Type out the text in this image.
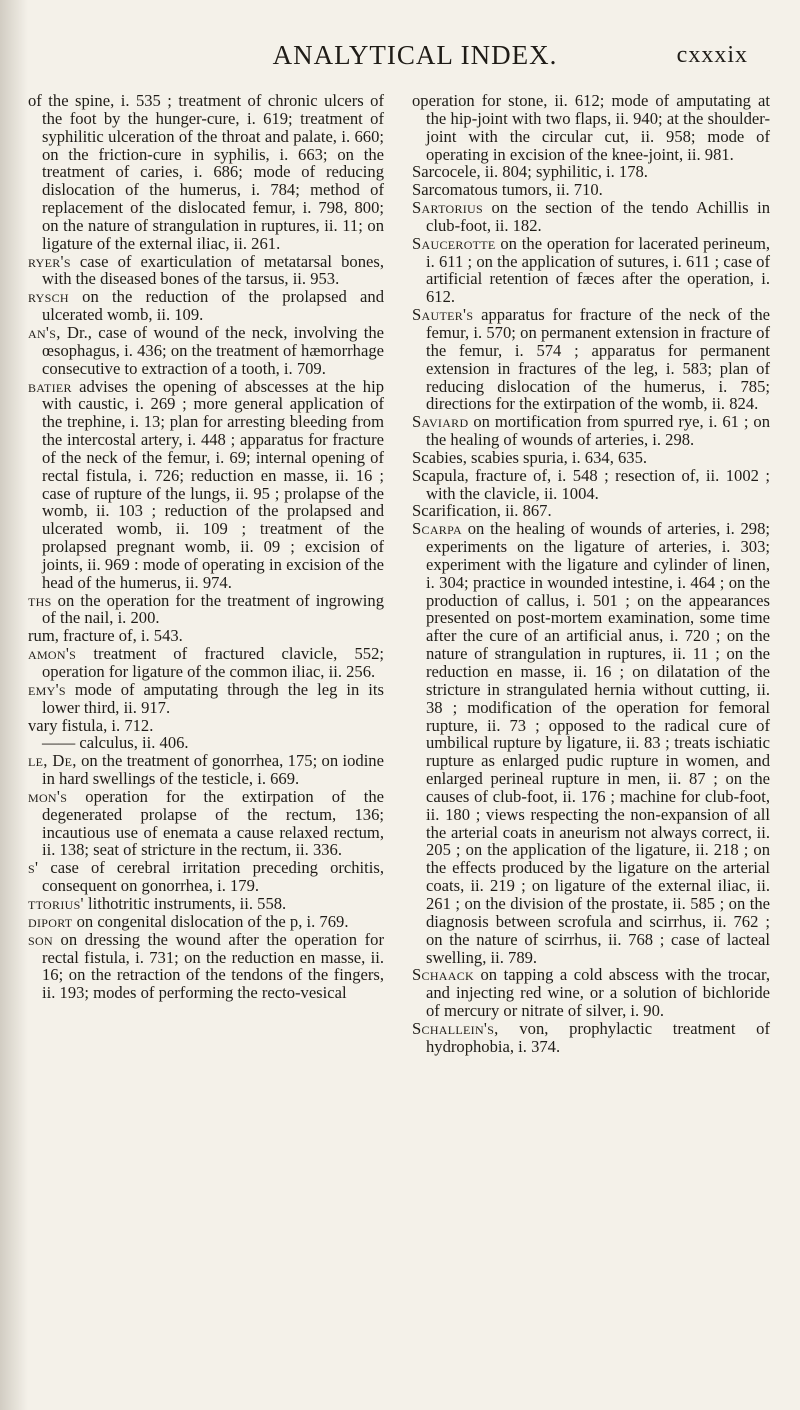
ANALYTICAL INDEX.	cxxxix

of the spine, i. 535 ; treatment of chronic ulcers of the foot by the hunger-cure, i. 619; treatment of syphilitic ulceration of the throat and palate, i. 660; on the friction-cure in syphilis, i. 663; on the treatment of caries, i. 686; mode of reducing dislocation of the humerus, i. 784; method of replacement of the dislocated femur, i. 798, 800; on the nature of strangulation in ruptures, ii. 11; on ligature of the external iliac, ii. 261.

ryer's case of exarticulation of metatarsal bones, with the diseased bones of the tarsus, ii. 953.

rysch on the reduction of the prolapsed and ulcerated womb, ii. 109.

an's, Dr., case of wound of the neck, involving the œsophagus, i. 436; on the treatment of hæmorrhage consecutive to extraction of a tooth, i. 709.

batier advises the opening of abscesses at the hip with caustic, i. 269 ; more general application of the trephine, i. 13; plan for arresting bleeding from the intercostal artery, i. 448 ; apparatus for fracture of the neck of the femur, i. 69; internal opening of rectal fistula, i. 726; reduction en masse, ii. 16 ; case of rupture of the lungs, ii. 95 ; prolapse of the womb, ii. 103 ; reduction of the prolapsed and ulcerated womb, ii. 109 ; treatment of the prolapsed pregnant womb, ii. 09 ; excision of joints, ii. 969 : mode of operating in excision of the head of the humerus, ii. 974.

ths on the operation for the treatment of ingrowing of the nail, i. 200.

rum, fracture of, i. 543.

amon's treatment of fractured clavicle, 552; operation for ligature of the common iliac, ii. 256.

emy's mode of amputating through the leg in its lower third, ii. 917.

vary fistula, i. 712.

—— calculus, ii. 406.

le, De, on the treatment of gonorrhea, 175; on iodine in hard swellings of the testicle, i. 669.

mon's operation for the extirpation of the degenerated prolapse of the rectum, 136; incautious use of enemata a cause relaxed rectum, ii. 138; seat of stricture in the rectum, ii. 336.

s' case of cerebral irritation preceding orchitis, consequent on gonorrhea, i. 179.

ttorius' lithotritic instruments, ii. 558.

diport on congenital dislocation of the p, i. 769.

son on dressing the wound after the operation for rectal fistula, i. 731; on the reduction en masse, ii. 16; on the retraction of the tendons of the fingers, ii. 193; modes of performing the recto-vesical

operation for stone, ii. 612; mode of amputating at the hip-joint with two flaps, ii. 940; at the shoulder-joint with the circular cut, ii. 958; mode of operating in excision of the knee-joint, ii. 981.

Sarcocele, ii. 804; syphilitic, i. 178.

Sarcomatous tumors, ii. 710.

Sartorius on the section of the tendo Achillis in club-foot, ii. 182.

Saucerotte on the operation for lacerated perineum, i. 611 ; on the application of sutures, i. 611 ; case of artificial retention of fæces after the operation, i. 612.

Sauter's apparatus for fracture of the neck of the femur, i. 570; on permanent extension in fracture of the femur, i. 574 ; apparatus for permanent extension in fractures of the leg, i. 583; plan of reducing dislocation of the humerus, i. 785; directions for the extirpation of the womb, ii. 824.

Saviard on mortification from spurred rye, i. 61 ; on the healing of wounds of arteries, i. 298.

Scabies, scabies spuria, i. 634, 635.

Scapula, fracture of, i. 548 ; resection of, ii. 1002 ; with the clavicle, ii. 1004.

Scarification, ii. 867.

Scarpa on the healing of wounds of arteries, i. 298; experiments on the ligature of arteries, i. 303; experiment with the ligature and cylinder of linen, i. 304; practice in wounded intestine, i. 464 ; on the production of callus, i. 501 ; on the appearances presented on post-mortem examination, some time after the cure of an artificial anus, i. 720 ; on the nature of strangulation in ruptures, ii. 11 ; on the reduction en masse, ii. 16 ; on dilatation of the stricture in strangulated hernia without cutting, ii. 38 ; modification of the operation for femoral rupture, ii. 73 ; opposed to the radical cure of umbilical rupture by ligature, ii. 83 ; treats ischiatic rupture as enlarged pudic rupture in women, and enlarged perineal rupture in men, ii. 87 ; on the causes of club-foot, ii. 176 ; machine for club-foot, ii. 180 ; views respecting the non-expansion of all the arterial coats in aneurism not always correct, ii. 205 ; on the application of the ligature, ii. 218 ; on the effects produced by the ligature on the arterial coats, ii. 219 ; on ligature of the external iliac, ii. 261 ; on the division of the prostate, ii. 585 ; on the diagnosis between scrofula and scirrhus, ii. 762 ; on the nature of scirrhus, ii. 768 ; case of lacteal swelling, ii. 789.

Schaack on tapping a cold abscess with the trocar, and injecting red wine, or a solution of bichloride of mercury or nitrate of silver, i. 90.

Schallein's, von, prophylactic treatment of hydrophobia, i. 374.
